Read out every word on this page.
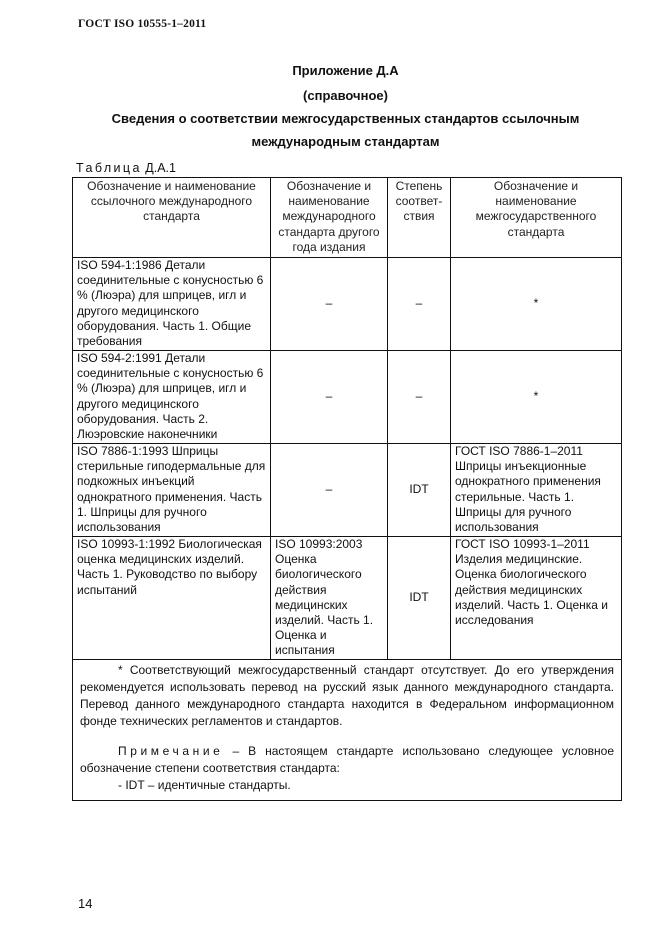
ГОСТ ISO 10555-1–2011
Приложение Д.А
(справочное)
Сведения о соответствии межгосударственных стандартов ссылочным
международным стандартам
Таблица Д.А.1
Обозначение и наименование ссылочного международного стандарта	Обозначение и наименование международного стандарта другого года издания	Степень соответ-ствия	Обозначение и наименование межгосударственного стандарта
ISO 594-1:1986 Детали соединительные с конусностью 6 % (Люэра) для шприцев, игл и другого медицинского оборудования. Часть 1. Общие требования	–	–	*
ISO 594-2:1991 Детали соединительные с конусностью 6 % (Люэра) для шприцев, игл и другого медицинского оборудования. Часть 2. Люэровские наконечники	–	–	*
ISO 7886-1:1993 Шприцы стерильные гиподермальные для подкожных инъекций однократного применения. Часть 1. Шприцы для ручного использования	–	IDT	ГОСТ ISO 7886-1–2011 Шприцы инъекционные однократного применения стерильные. Часть 1. Шприцы для ручного использования
ISO 10993-1:1992 Биологическая оценка медицинских изделий. Часть 1. Руководство по выбору испытаний	ISO 10993:2003 Оценка биологического действия медицинских изделий. Часть 1. Оценка и испытания	IDT	ГОСТ ISO 10993-1–2011 Изделия медицинские. Оценка биологического действия медицинских изделий. Часть 1. Оценка и исследования

* Соответствующий межгосударственный стандарт отсутствует. До его утверждения рекомендуется использовать перевод на русский язык данного международного стандарта. Перевод данного международного стандарта находится в Федеральном информационном фонде технических регламентов и стандартов.

Примечание – В настоящем стандарте использовано следующее условное обозначение степени соответствия стандарта:

- IDT – идентичные стандарты.			
14
